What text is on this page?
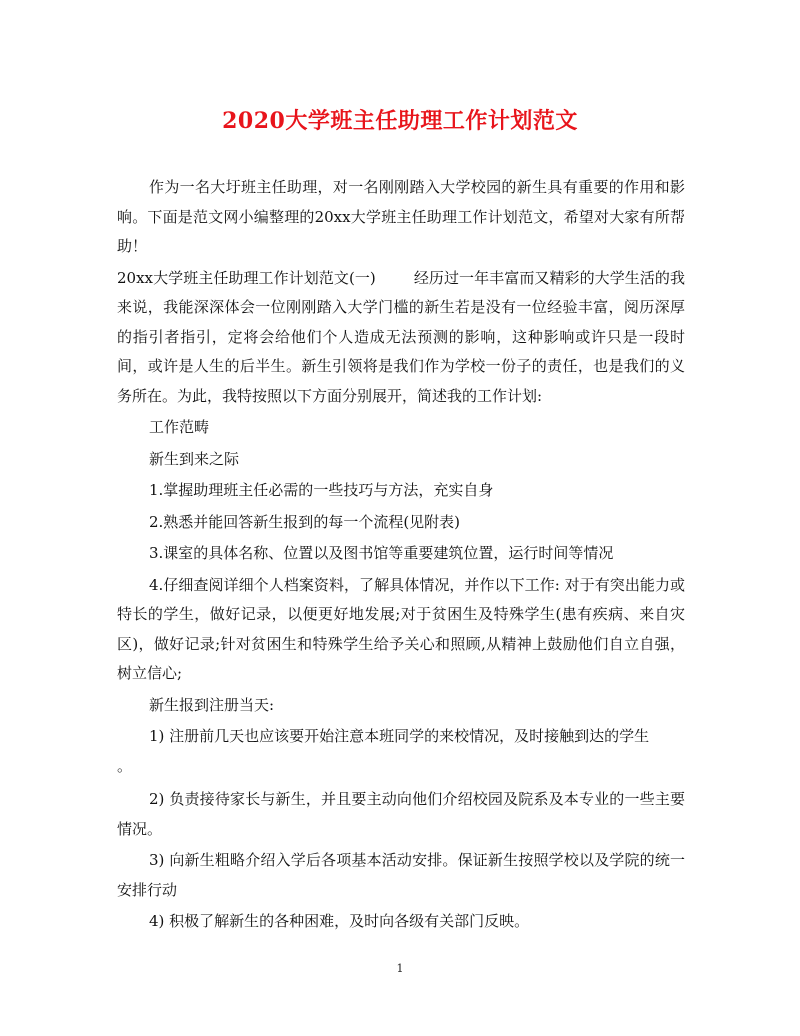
2020大学班主任助理工作计划范文

作为一名大圩班主任助理，对一名刚刚踏入大学校园的新生具有重要的作用和影响。下面是范文网小编整理的20xx大学班主任助理工作计划范文，希望对大家有所帮助！

20xx大学班主任助理工作计划范文(一)	经历过一年丰富而又精彩的大学生活的我来说，我能深深体会一位刚刚踏入大学门槛的新生若是没有一位经验丰富，阅历深厚的指引者指引，定将会给他们个人造成无法预测的影响，这种影响或许只是一段时间，或许是人生的后半生。新生引领将是我们作为学校一份子的责任，也是我们的义务所在。为此，我特按照以下方面分别展开，简述我的工作计划:

工作范畴

新生到来之际

1.掌握助理班主任必需的一些技巧与方法，充实自身

2.熟悉并能回答新生报到的每一个流程(见附表)

3.课室的具体名称、位置以及图书馆等重要建筑位置，运行时间等情况

4.仔细查阅详细个人档案资料，了解具体情况，并作以下工作: 对于有突出能力或特长的学生，做好记录，以便更好地发展;对于贫困生及特殊学生(患有疾病、来自灾区)，做好记录;针对贫困生和特殊学生给予关心和照顾,从精神上鼓励他们自立自强，树立信心;

新生报到注册当天:

1) 注册前几天也应该要开始注意本班同学的来校情况，及时接触到达的学生

。

2) 负责接待家长与新生，并且要主动向他们介绍校园及院系及本专业的一些主要情况。

3) 向新生粗略介绍入学后各项基本活动安排。保证新生按照学校以及学院的统一安排行动

4) 积极了解新生的各种困难，及时向各级有关部门反映。

1
